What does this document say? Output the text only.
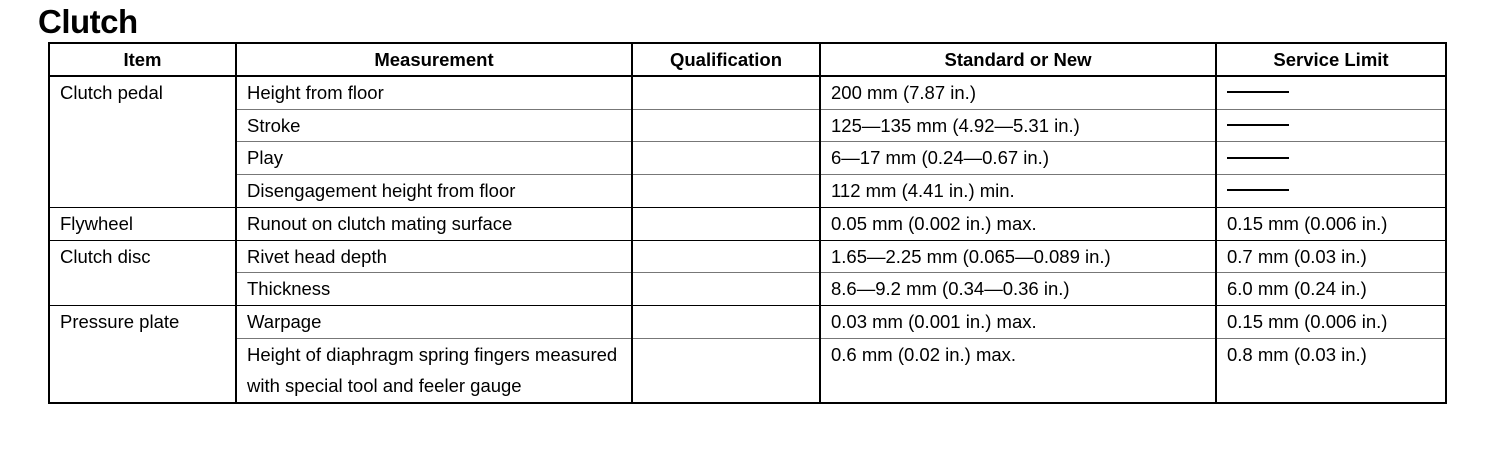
Clutch
Item	Measurement	Qualification	Standard or New	Service Limit
Clutch pedal	Height from floor		200 mm (7.87 in.)	
	Stroke		125—135 mm (4.92—5.31 in.)	
	Play		6—17 mm (0.24—0.67 in.)	
	Disengagement height from floor		112 mm (4.41 in.) min.	
Flywheel	Runout on clutch mating surface		0.05 mm (0.002 in.) max.	0.15 mm (0.006 in.)
Clutch disc	Rivet head depth		1.65—2.25 mm (0.065—0.089 in.)	0.7 mm (0.03 in.)
	Thickness		8.6—9.2 mm (0.34—0.36 in.)	6.0 mm (0.24 in.)
Pressure plate	Warpage		0.03 mm (0.001 in.) max.	0.15 mm (0.006 in.)
	Height of diaphragm spring fingers measured with special tool and feeler gauge		0.6 mm (0.02 in.) max.	0.8 mm (0.03 in.)
